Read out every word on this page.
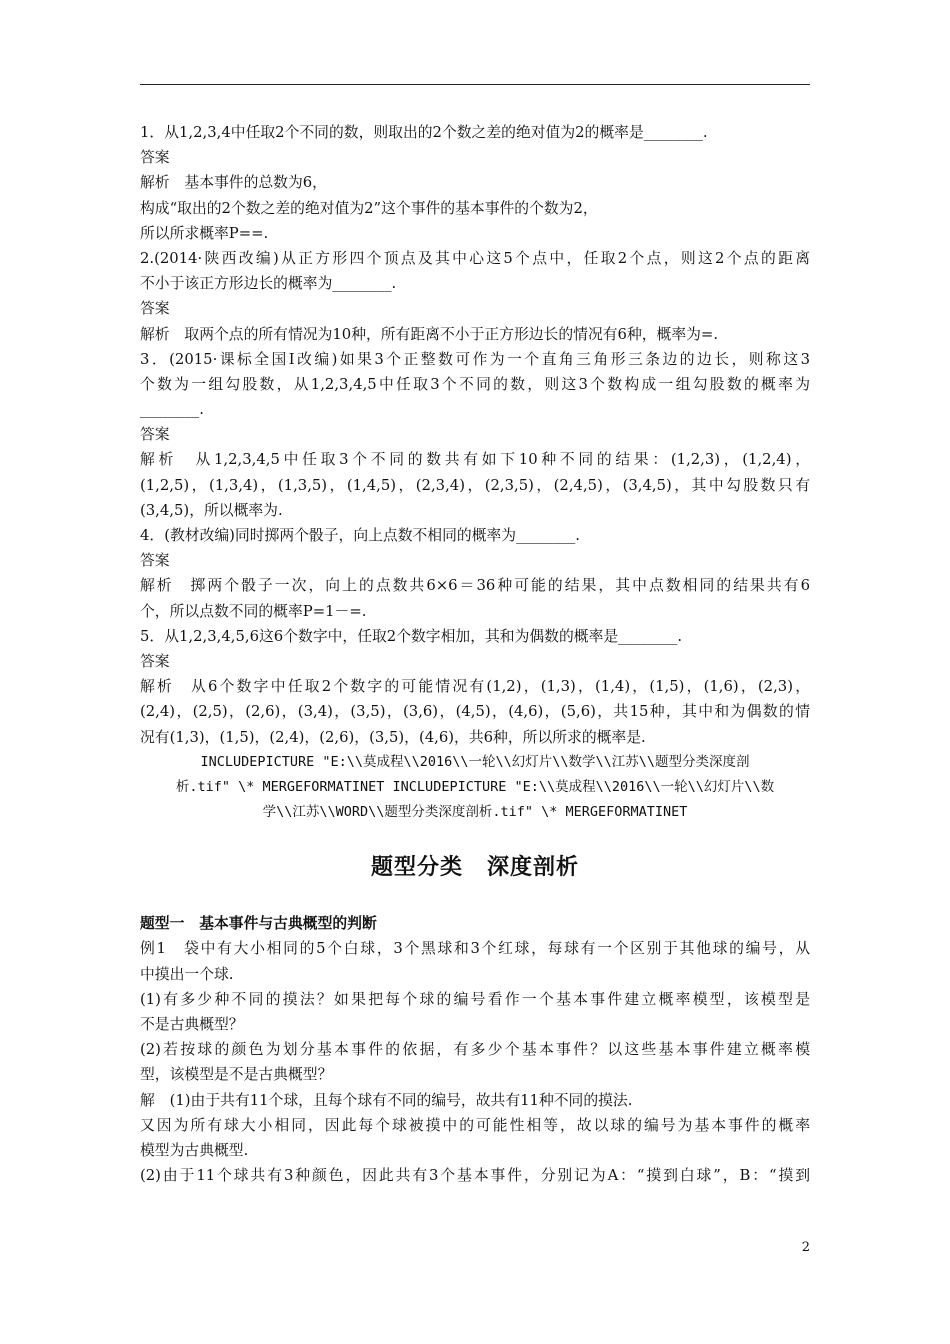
1．从1,2,3,4中任取2个不同的数，则取出的2个数之差的绝对值为2的概率是________.
答案
解析　基本事件的总数为6，
构成“取出的2个数之差的绝对值为2”这个事件的基本事件的个数为2，
所以所求概率P==.
2.(2014·陕西改编)从正方形四个顶点及其中心这5个点中，任取2个点，则这2个点的距离
不小于该正方形边长的概率为________.
答案
解析　取两个点的所有情况为10种，所有距离不小于正方形边长的情况有6种，概率为=.
3．(2015·课标全国Ⅰ改编)如果3个正整数可作为一个直角三角形三条边的边长，则称这3
个数为一组勾股数，从1,2,3,4,5中任取3个不同的数，则这3个数构成一组勾股数的概率为
________.
答案
解析　从1,2,3,4,5中任取3个不同的数共有如下10种不同的结果：(1,2,3)，(1,2,4)，
(1,2,5)，(1,3,4)，(1,3,5)，(1,4,5)，(2,3,4)，(2,3,5)，(2,4,5)，(3,4,5)，其中勾股数只有
(3,4,5)，所以概率为.
4．(教材改编)同时掷两个骰子，向上点数不相同的概率为________.
答案
解析　掷两个骰子一次，向上的点数共6×6＝36种可能的结果，其中点数相同的结果共有6
个，所以点数不同的概率P=1－=.
5．从1,2,3,4,5,6这6个数字中，任取2个数字相加，其和为偶数的概率是________.
答案
解析　从6个数字中任取2个数字的可能情况有(1,2)，(1,3)，(1,4)，(1,5)，(1,6)，(2,3)，
(2,4)，(2,5)，(2,6)，(3,4)，(3,5)，(3,6)，(4,5)，(4,6)，(5,6)，共15种，其中和为偶数的情
况有(1,3)，(1,5)，(2,4)，(2,6)，(3,5)，(4,6)，共6种，所以所求的概率是.
INCLUDEPICTURE "E:\\莫成程\\2016\\一轮\\幻灯片\\数学\\江苏\\题型分类深度剖
析.tif" \* MERGEFORMATINET INCLUDEPICTURE "E:\\莫成程\\2016\\一轮\\幻灯片\\数
学\\江苏\\WORD\\题型分类深度剖析.tif" \* MERGEFORMATINET
题型分类 深度剖析
题型一　基本事件与古典概型的判断
例1　袋中有大小相同的5个白球，3个黑球和3个红球，每球有一个区别于其他球的编号，从
中摸出一个球.
(1)有多少种不同的摸法？如果把每个球的编号看作一个基本事件建立概率模型，该模型是
不是古典概型？
(2)若按球的颜色为划分基本事件的依据，有多少个基本事件？以这些基本事件建立概率模
型，该模型是不是古典概型？
解　(1)由于共有11个球，且每个球有不同的编号，故共有11种不同的摸法.
又因为所有球大小相同，因此每个球被摸中的可能性相等，故以球的编号为基本事件的概率
模型为古典概型.
(2)由于11个球共有3种颜色，因此共有3个基本事件，分别记为A：“摸到白球”，B：“摸到
2
